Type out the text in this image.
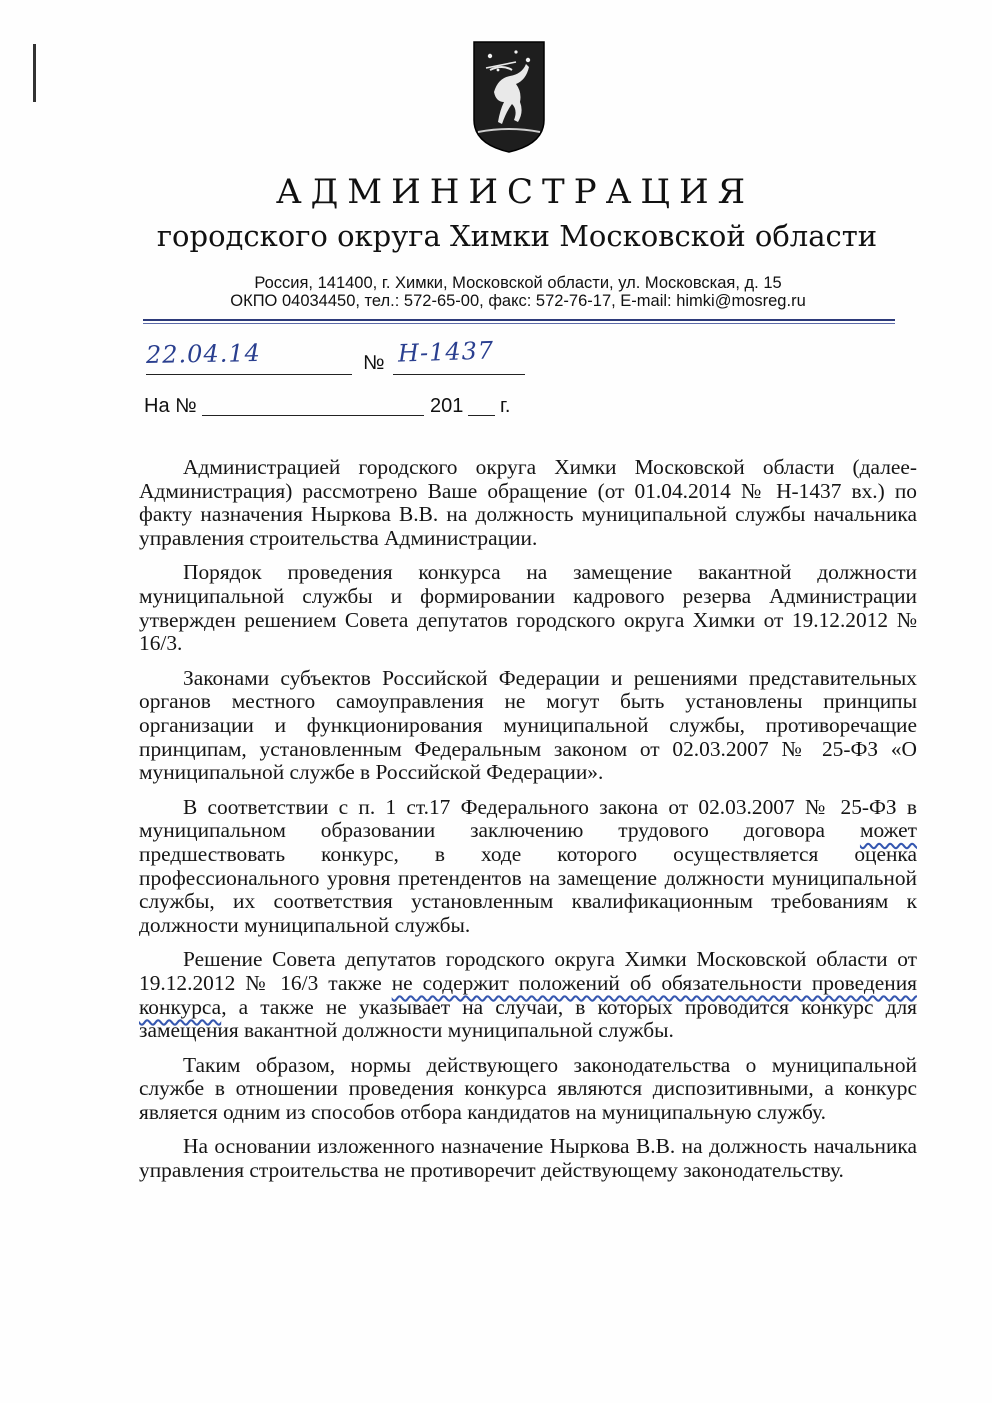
АДМИНИСТРАЦИЯ
городского округа Химки Московской области
Россия, 141400, г. Химки, Московской области, ул. Московская, д. 15
ОКПО 04034450, тел.: 572-65-00, факс: 572-76-17, E-mail: himki@mosreg.ru
22.04.14	№ Н-1437
На №	201 г.

Администрацией городского округа Химки Московской области (далее- Администрация) рассмотрено Ваше обращение (от 01.04.2014 № Н-1437 вх.) по факту назначения Ныркова В.В. на должность муниципальной службы начальника управления строительства Администрации.

Порядок проведения конкурса на замещение вакантной должности муниципальной службы и формировании кадрового резерва Администрации утвержден решением Совета депутатов городского округа Химки от 19.12.2012 № 16/3.

Законами субъектов Российской Федерации и решениями представительных органов местного самоуправления не могут быть установлены принципы организации и функционирования муниципальной службы, противоречащие принципам, установленным Федеральным законом от 02.03.2007 № 25-ФЗ «О муниципальной службе в Российской Федерации».

В соответствии с п. 1 ст.17 Федерального закона от 02.03.2007 № 25-ФЗ в муниципальном образовании заключению трудового договора может предшествовать конкурс, в ходе которого осуществляется оценка профессионального уровня претендентов на замещение должности муниципальной службы, их соответствия установленным квалификационным требованиям к должности муниципальной службы.

Решение Совета депутатов городского округа Химки Московской области от 19.12.2012 № 16/3 также не содержит положений об обязательности проведения конкурса, а также не указывает на случаи, в которых проводится конкурс для замещения вакантной должности муниципальной службы.

Таким образом, нормы действующего законодательства о муниципальной службе в отношении проведения конкурса являются диспозитивными, а конкурс является одним из способов отбора кандидатов на муниципальную службу.

На основании изложенного назначение Ныркова В.В. на должность начальника управления строительства не противоречит действующему законодательству.
